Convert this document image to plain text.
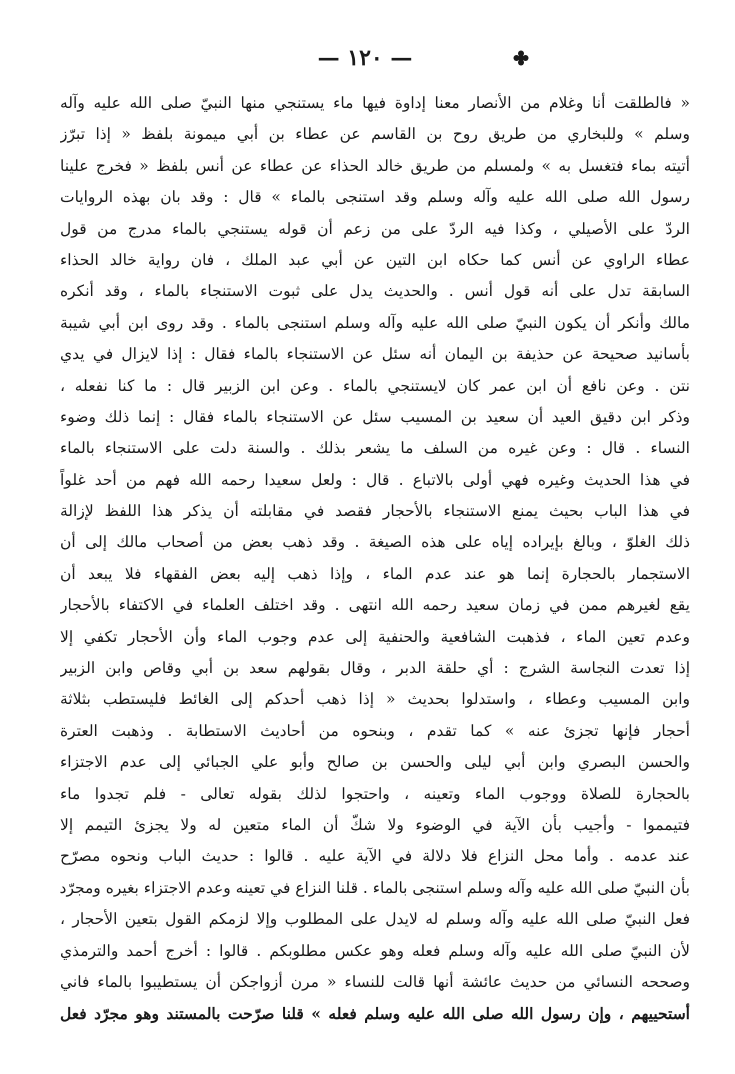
— ١٢٠ —
« فالطلقت أنا وغلام من الأنصار معنا إداوة فيها ماء يستنجي منها النبيّ صلى الله عليه وآله
وسلم » وللبخاري من طريق روح بن القاسم عن عطاء بن أبي ميمونة بلفظ « إذا تبرّز
أتيته بماء فتغسل به » ولمسلم من طريق خالد الحذاء عن عطاء عن أنس بلفظ « فخرج علينا
رسول الله صلى الله عليه وآله وسلم وقد استنجى بالماء » قال : وقد بان بهذه الروايات
الردّ على الأصيلي ، وكذا فيه الردّ على من زعم أن قوله يستنجي بالماء مدرج من قول
عطاء الراوي عن أنس كما حكاه ابن التين عن أبي عبد الملك ، فان رواية خالد الحذاء
السابقة تدل على أنه قول أنس . والحديث يدل على ثبوت الاستنجاء بالماء ، وقد أنكره
مالك وأنكر أن يكون النبيّ صلى الله عليه وآله وسلم استنجى بالماء . وقد روى ابن أبي شيبة
بأسانيد صحيحة عن حذيفة بن اليمان أنه سئل عن الاستنجاء بالماء فقال : إذا لايزال في يدي
نتن . وعن نافع أن ابن عمر كان لايستنجي بالماء . وعن ابن الزبير قال : ما كنا نفعله ،
وذكر ابن دقيق العيد أن سعيد بن المسيب سئل عن الاستنجاء بالماء فقال : إنما ذلك وضوء
النساء . قال : وعن غيره من السلف ما يشعر بذلك . والسنة دلت على الاستنجاء بالماء
في هذا الحديث وغيره فهي أولى بالاتباع . قال : ولعل سعيدا رحمه الله فهم من أحد غلواً
في هذا الباب بحيث يمنع الاستنجاء بالأحجار فقصد في مقابلته أن يذكر هذا اللفظ لإزالة
ذلك الغلوّ ، وبالغ بإيراده إياه على هذه الصيغة . وقد ذهب بعض من أصحاب مالك إلى أن
الاستجمار بالحجارة إنما هو عند عدم الماء ، وإذا ذهب إليه بعض الفقهاء فلا يبعد أن
يقع لغيرهم ممن في زمان سعيد رحمه الله انتهى . وقد اختلف العلماء في الاكتفاء بالأحجار
وعدم تعين الماء ، فذهبت الشافعية والحنفية إلى عدم وجوب الماء وأن الأحجار تكفي إلا
إذا تعدت النجاسة الشرج : أي حلقة الدبر ، وقال بقولهم سعد بن أبي وقاص وابن الزبير
وابن المسيب وعطاء ، واستدلوا بحديث « إذا ذهب أحدكم إلى الغائط فليستطب بثلاثة
أحجار فإنها تجزئ عنه » كما تقدم ، وبنحوه من أحاديث الاستطابة . وذهبت العترة
والحسن البصري وابن أبي ليلى والحسن بن صالح وأبو علي الجبائي إلى عدم الاجتزاء
بالحجارة للصلاة ووجوب الماء وتعينه ، واحتجوا لذلك بقوله تعالى - فلم تجدوا ماء
فتيمموا - وأجيب بأن الآية في الوضوء ولا شكّ أن الماء متعين له ولا يجزئ التيمم إلا
عند عدمه . وأما محل النزاع فلا دلالة في الآية عليه . قالوا : حديث الباب ونحوه مصرّح
بأن النبيّ صلى الله عليه وآله وسلم استنجى بالماء . قلنا النزاع في تعينه وعدم الاجتزاء بغيره ومجرّد
فعل النبيّ صلى الله عليه وآله وسلم له لايدل على المطلوب وإلا لزمكم القول بتعين الأحجار ،
لأن النبيّ صلى الله عليه وآله وسلم فعله وهو عكس مطلوبكم . قالوا : أخرج أحمد والترمذي
وصححه النسائي من حديث عائشة أنها قالت للنساء « مرن أزواجكن أن يستطيبوا بالماء فاني
أستحييهم ، وإن رسول الله صلى الله عليه وسلم فعله » قلنا صرّحت بالمستند وهو مجرّد فعل
